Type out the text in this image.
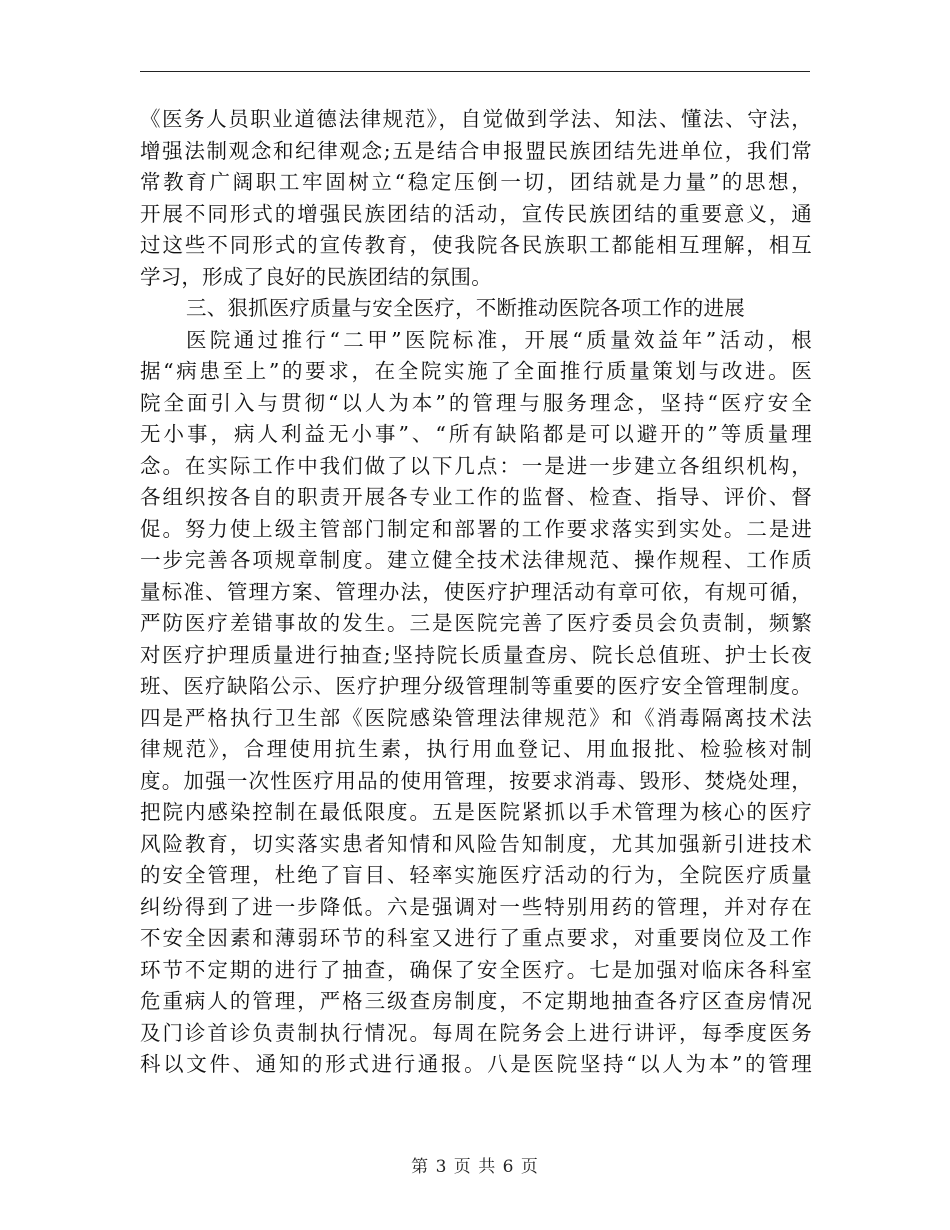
《医务人员职业道德法律规范》，自觉做到学法、知法、懂法、守法，
增强法制观念和纪律观念;五是结合申报盟民族团结先进单位，我们常
常教育广阔职工牢固树立“稳定压倒一切，团结就是力量”的思想，
开展不同形式的增强民族团结的活动，宣传民族团结的重要意义，通
过这些不同形式的宣传教育，使我院各民族职工都能相互理解，相互
学习，形成了良好的民族团结的氛围。
三、狠抓医疗质量与安全医疗，不断推动医院各项工作的进展
医院通过推行“二甲”医院标准，开展“质量效益年”活动，根
据“病患至上”的要求，在全院实施了全面推行质量策划与改进。医
院全面引入与贯彻“以人为本”的管理与服务理念，坚持“医疗安全
无小事，病人利益无小事”、“所有缺陷都是可以避开的”等质量理
念。在实际工作中我们做了以下几点：一是进一步建立各组织机构，
各组织按各自的职责开展各专业工作的监督、检查、指导、评价、督
促。努力使上级主管部门制定和部署的工作要求落实到实处。二是进
一步完善各项规章制度。建立健全技术法律规范、操作规程、工作质
量标准、管理方案、管理办法，使医疗护理活动有章可依，有规可循，
严防医疗差错事故的发生。三是医院完善了医疗委员会负责制，频繁
对医疗护理质量进行抽查;坚持院长质量查房、院长总值班、护士长夜
班、医疗缺陷公示、医疗护理分级管理制等重要的医疗安全管理制度。
四是严格执行卫生部《医院感染管理法律规范》和《消毒隔离技术法
律规范》，合理使用抗生素，执行用血登记、用血报批、检验核对制
度。加强一次性医疗用品的使用管理，按要求消毒、毁形、焚烧处理，
把院内感染控制在最低限度。五是医院紧抓以手术管理为核心的医疗
风险教育，切实落实患者知情和风险告知制度，尤其加强新引进技术
的安全管理，杜绝了盲目、轻率实施医疗活动的行为，全院医疗质量
纠纷得到了进一步降低。六是强调对一些特别用药的管理，并对存在
不安全因素和薄弱环节的科室又进行了重点要求，对重要岗位及工作
环节不定期的进行了抽查，确保了安全医疗。七是加强对临床各科室
危重病人的管理，严格三级查房制度，不定期地抽查各疗区查房情况
及门诊首诊负责制执行情况。每周在院务会上进行讲评，每季度医务
科以文件、通知的形式进行通报。八是医院坚持“以人为本”的管理
第 3 页 共 6 页
